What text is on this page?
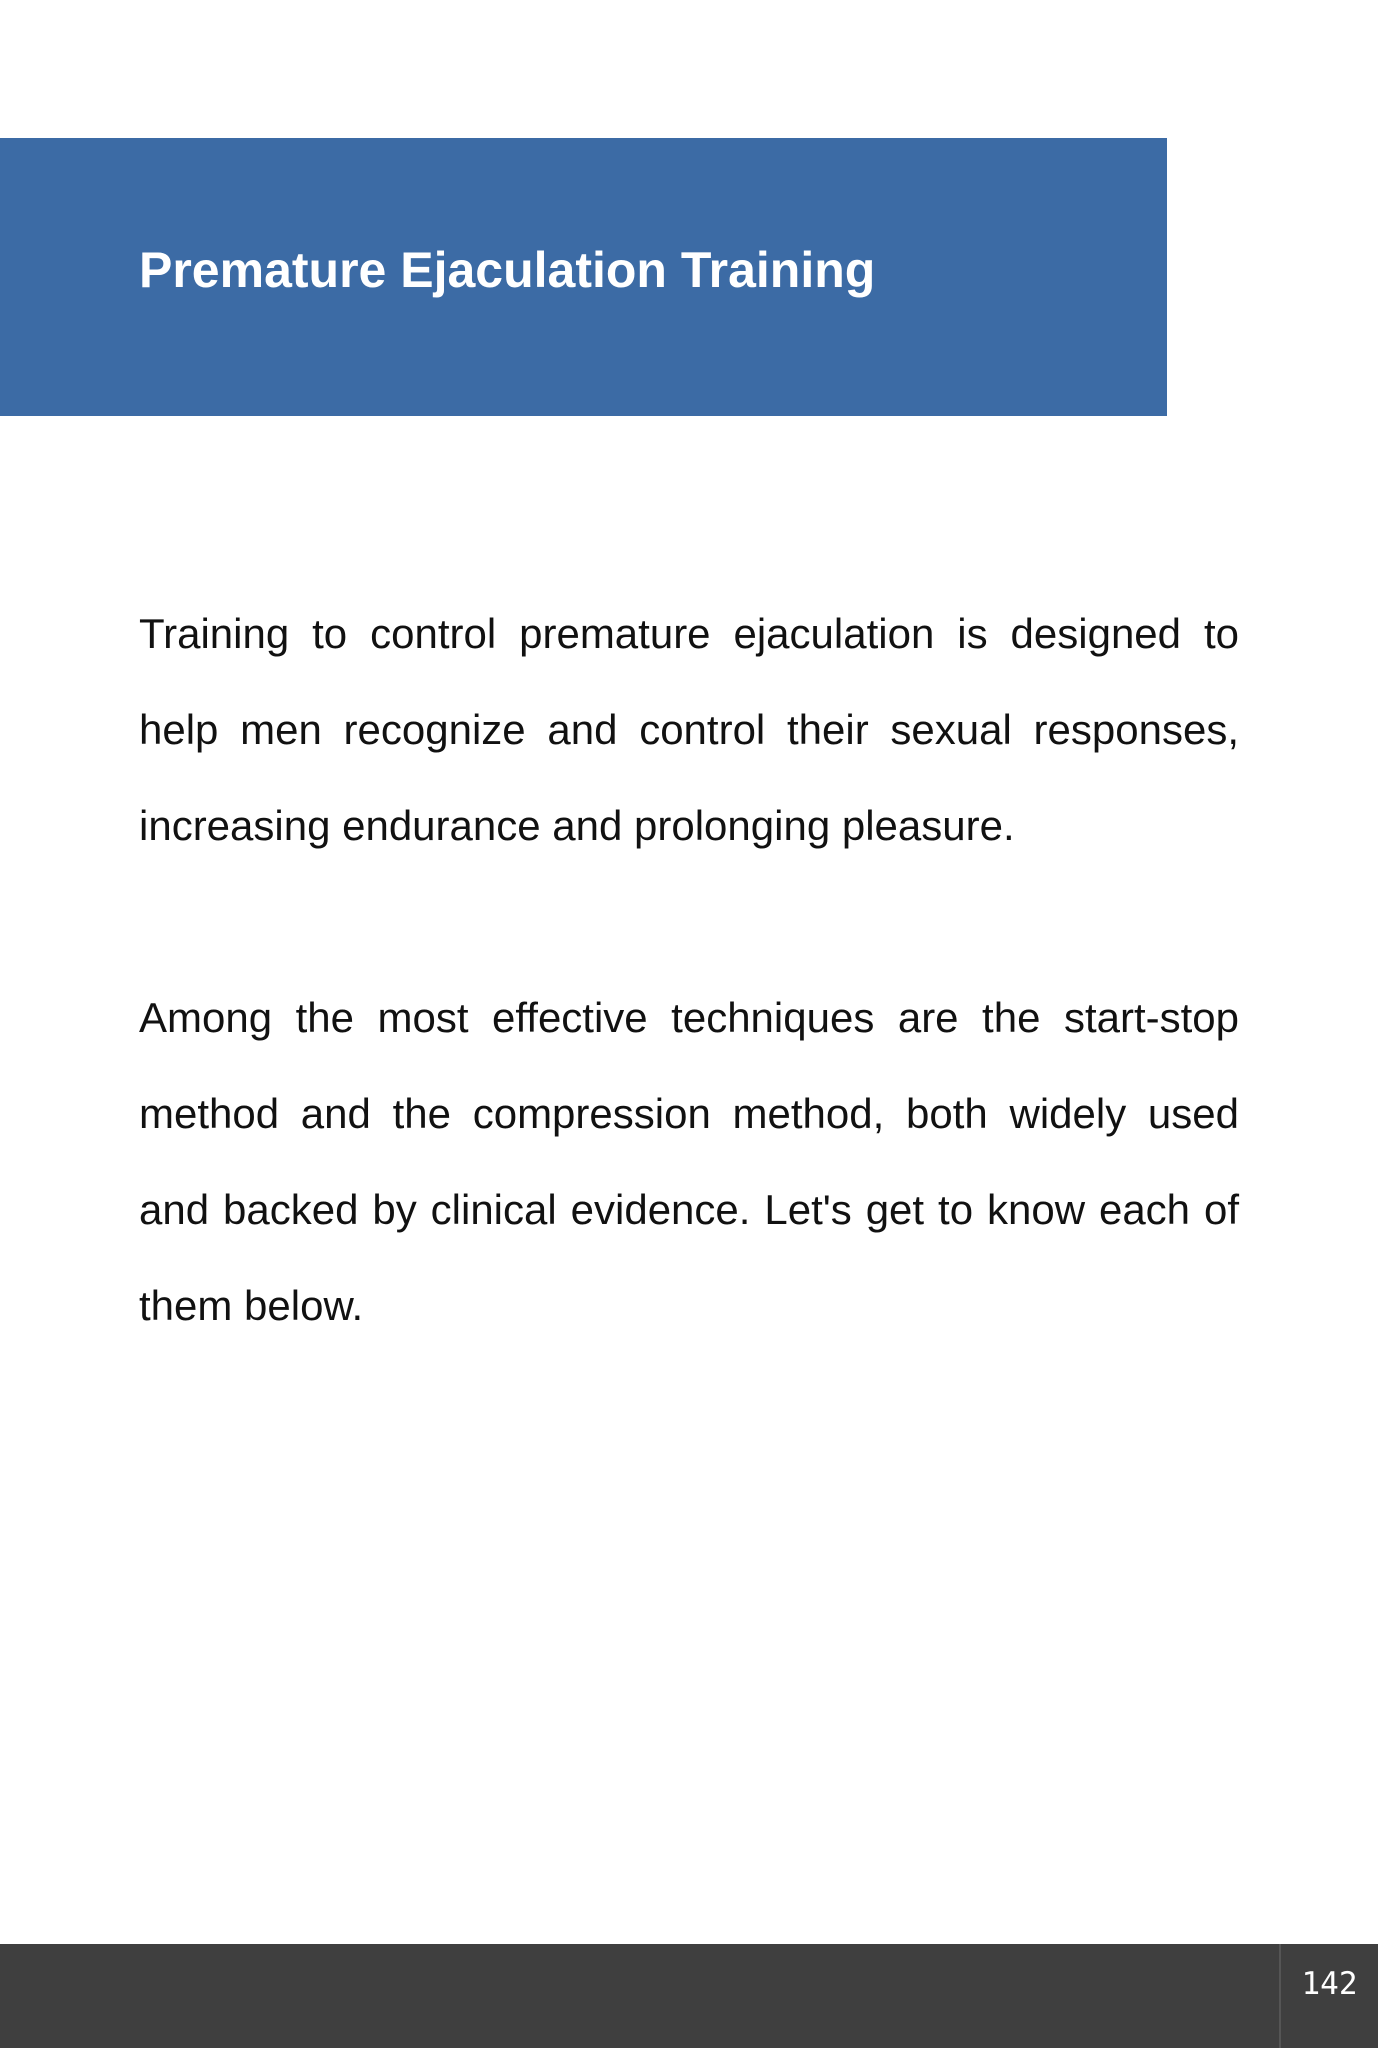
Premature Ejaculation Training

Training to control premature ejaculation is designed to help men recognize and control their sexual responses, increasing endurance and prolonging pleasure.

Among the most effective techniques are the start-stop method and the compression method, both widely used and backed by clinical evidence. Let's get to know each of them below.

142
